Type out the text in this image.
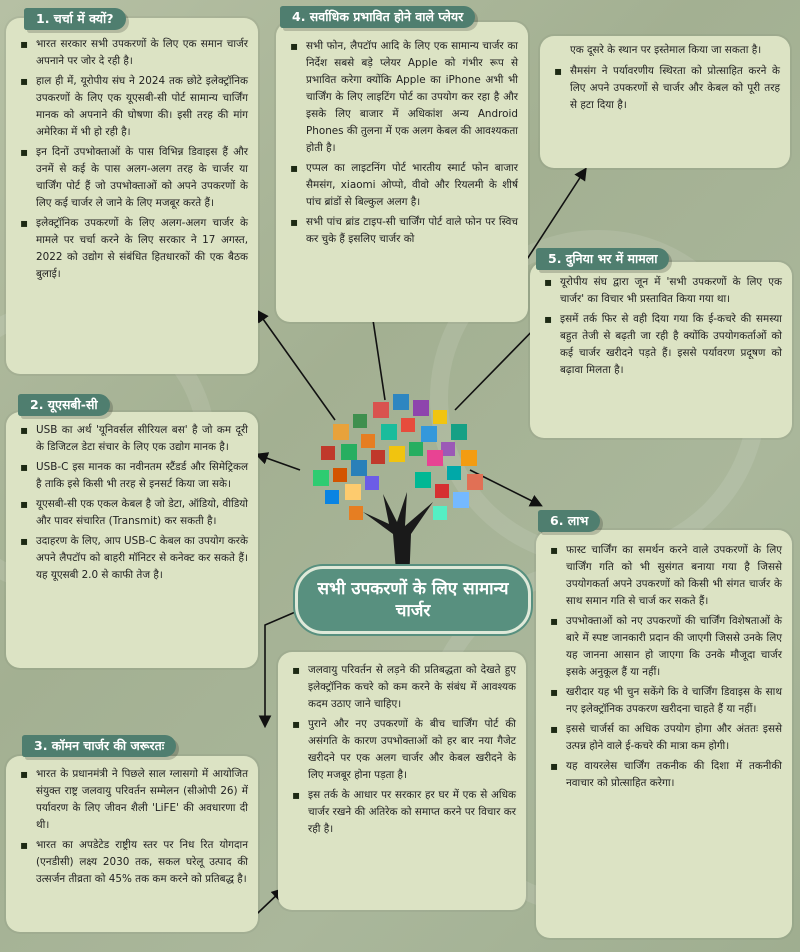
सभी उपकरणों के लिए सामान्य चार्जर
▪ भारत सरकार सभी उपकरणों के लिए एक समान चार्जर अपनाने पर जोर दे रही है।
▪ हाल ही में, यूरोपीय संघ ने 2024 तक छोटे इलेक्ट्रॉनिक उपकरणों के लिए एक यूएसबी-सी पोर्ट सामान्य चार्जिंग मानक को अपनाने की घोषणा की। इसी तरह की मांग अमेरिका में भी हो रही है।
▪ इन दिनों उपभोक्ताओं के पास विभिन्न डिवाइस हैं और उनमें से कई के पास अलग-अलग तरह के चार्जर या चार्जिंग पोर्ट हैं जो उपभोक्ताओं को अपने उपकरणों के लिए कई चार्जर ले जाने के लिए मजबूर करते हैं।
▪ इलेक्ट्रॉनिक उपकरणों के लिए अलग-अलग चार्जर के मामले पर चर्चा करने के लिए सरकार ने 17 अगस्त, 2022 को उद्योग से संबंधित हितधारकों की एक बैठक बुलाई।
1. चर्चा में क्यों?
▪ USB का अर्थ 'यूनिवर्सल सीरियल बस' है जो कम दूरी के डिजिटल डेटा संचार के लिए एक उद्योग मानक है।
▪ USB-C इस मानक का नवीनतम स्टैंडर्ड और सिमेट्रिकल है ताकि इसे किसी भी तरह से इनसर्ट किया जा सके।
▪ यूएसबी-सी एक एकल केबल है जो डेटा, ऑडियो, वीडियो और पावर संचारित (Transmit) कर सकती है।
▪ उदाहरण के लिए, आप USB-C केबल का उपयोग करके अपने लैपटॉप को बाहरी मॉनिटर से कनेक्ट कर सकते हैं। यह यूएसबी 2.0 से काफी तेज है।
2. यूएसबी-सी
▪ भारत के प्रधानमंत्री ने पिछले साल ग्लासगो में आयोजित संयुक्त राष्ट्र जलवायु परिवर्तन सम्मेलन (सीओपी 26) में पर्यावरण के लिए जीवन शैली 'LiFE' की अवधारणा दी थी।
▪ भारत का अपडेटेड राष्ट्रीय स्तर पर निध रित योगदान (एनडीसी) लक्ष्य 2030 तक, सकल घरेलू उत्पाद की उत्सर्जन तीव्रता को 45% तक कम करने को प्रतिबद्ध है।
3. कॉमन चार्जर की जरूरतः
▪ जलवायु परिवर्तन से लड़ने की प्रतिबद्धता को देखते हुए इलेक्ट्रॉनिक कचरे को कम करने के संबंध में आवश्यक कदम उठाए जाने चाहिए।
▪ पुराने और नए उपकरणों के बीच चार्जिंग पोर्ट की असंगति के कारण उपभोक्ताओं को हर बार नया गैजेट खरीदने पर एक अलग चार्जर और केबल खरीदने के लिए मजबूर होना पड़ता है।
▪ इस तर्क के आधार पर सरकार हर घर में एक से अधिक चार्जर रखने की अतिरेक को समाप्त करने पर विचार कर रही है।
▪ सभी फोन, लैपटॉप आदि के लिए एक सामान्य चार्जर का निर्देश सबसे बड़े प्लेयर Apple को गंभीर रूप से प्रभावित करेगा क्योंकि Apple का iPhone अभी भी चार्जिंग के लिए लाइटिंग पोर्ट का उपयोग कर रहा है और इसके लिए बाजार में अधिकांश अन्य Android Phones की तुलना में एक अलग केबल की आवश्यकता होती है।
▪ एप्पल का लाइटनिंग पोर्ट भारतीय स्मार्ट फोन बाजार सैमसंग, xiaomi ओप्पो, वीवो और रियलमी के शीर्ष पांच ब्रांडों से बिल्कुल अलग है।
▪ सभी पांच ब्रांड टाइप-सी चार्जिंग पोर्ट वाले फोन पर स्विच कर चुके हैं इसलिए चार्जर को
4. सर्वाधिक प्रभावित होने वाले प्लेयर
एक दूसरे के स्थान पर इस्तेमाल किया जा सकता है।
▪ सैमसंग ने पर्यावरणीय स्थिरता को प्रोत्साहित करने के लिए अपने उपकरणों से चार्जर और केबल को पूरी तरह से हटा दिया है।
▪ यूरोपीय संघ द्वारा जून में 'सभी उपकरणों के लिए एक चार्जर' का विचार भी प्रस्तावित किया गया था।
▪ इसमें तर्क फिर से वही दिया गया कि ई-कचरे की समस्या बहुत तेजी से बढ़ती जा रही है क्योंकि उपयोगकर्ताओं को कई चार्जर खरीदने पड़ते हैं। इससे पर्यावरण प्रदूषण को बढ़ावा मिलता है।
5. दुनिया भर में मामला
▪ फास्ट चार्जिंग का समर्थन करने वाले उपकरणों के लिए चार्जिंग गति को भी सुसंगत बनाया गया है जिससे उपयोगकर्ता अपने उपकरणों को किसी भी संगत चार्जर के साथ समान गति से चार्ज कर सकते हैं।
▪ उपभोक्ताओं को नए उपकरणों की चार्जिंग विशेषताओं के बारे में स्पष्ट जानकारी प्रदान की जाएगी जिससे उनके लिए यह जानना आसान हो जाएगा कि उनके मौजूदा चार्जर इसके अनुकूल हैं या नहीं।
▪ खरीदार यह भी चुन सकेंगे कि वे चार्जिंग डिवाइस के साथ नए इलेक्ट्रॉनिक उपकरण खरीदना चाहते हैं या नहीं।
▪ इससे चार्जर्स का अधिक उपयोग होगा और अंततः इससे उत्पन्न होने वाले ई-कचरे की मात्रा कम होगी।
▪ यह वायरलेस चार्जिंग तकनीक की दिशा में तकनीकी नवाचार को प्रोत्साहित करेगा।
6. लाभ
